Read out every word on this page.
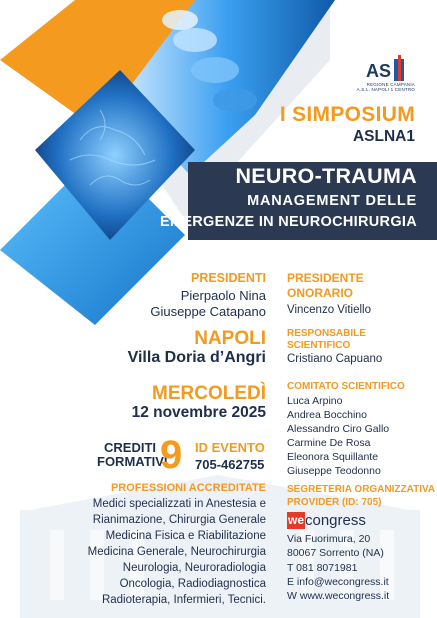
AS
REGIONE CAMPANIA
A.S.L. NAPOLI 1 CENTRO
I SIMPOSIUM
ASLNA1
NEURO-TRAUMA
MANAGEMENT DELLE
EMERGENZE IN NEUROCHIRURGIA
PRESIDENTI
Pierpaolo Nina
Giuseppe Catapano
NAPOLI
Villa Doria d’Angri
MERCOLEDÌ
12 novembre 2025
CREDITI
FORMATIVI
9 ID EVENTO
705-462755
PROFESSIONI ACCREDITATE
Medici specializzati in Anestesia e
Rianimazione, Chirurgia Generale
Medicina Fisica e Riabilitazione
Medicina Generale, Neurochirurgia
Neurologia, Neuroradiologia
Oncologia, Radiodiagnostica
Radioterapia, Infermieri, Tecnici.
PRESIDENTE
ONORARIO
Vincenzo Vitiello
RESPONSABILE
SCIENTIFICO
Cristiano Capuano
COMITATO SCIENTIFICO
Luca Arpino
Andrea Bocchino
Alessandro Ciro Gallo
Carmine De Rosa
Eleonora Squillante
Giuseppe Teodonno
SEGRETERIA ORGANIZZATIVA
PROVIDER (ID: 705)
we congress
Via Fuorimura, 20
80067 Sorrento (NA)
T 081 8071981
E info@wecongress.it
W www.wecongress.it
